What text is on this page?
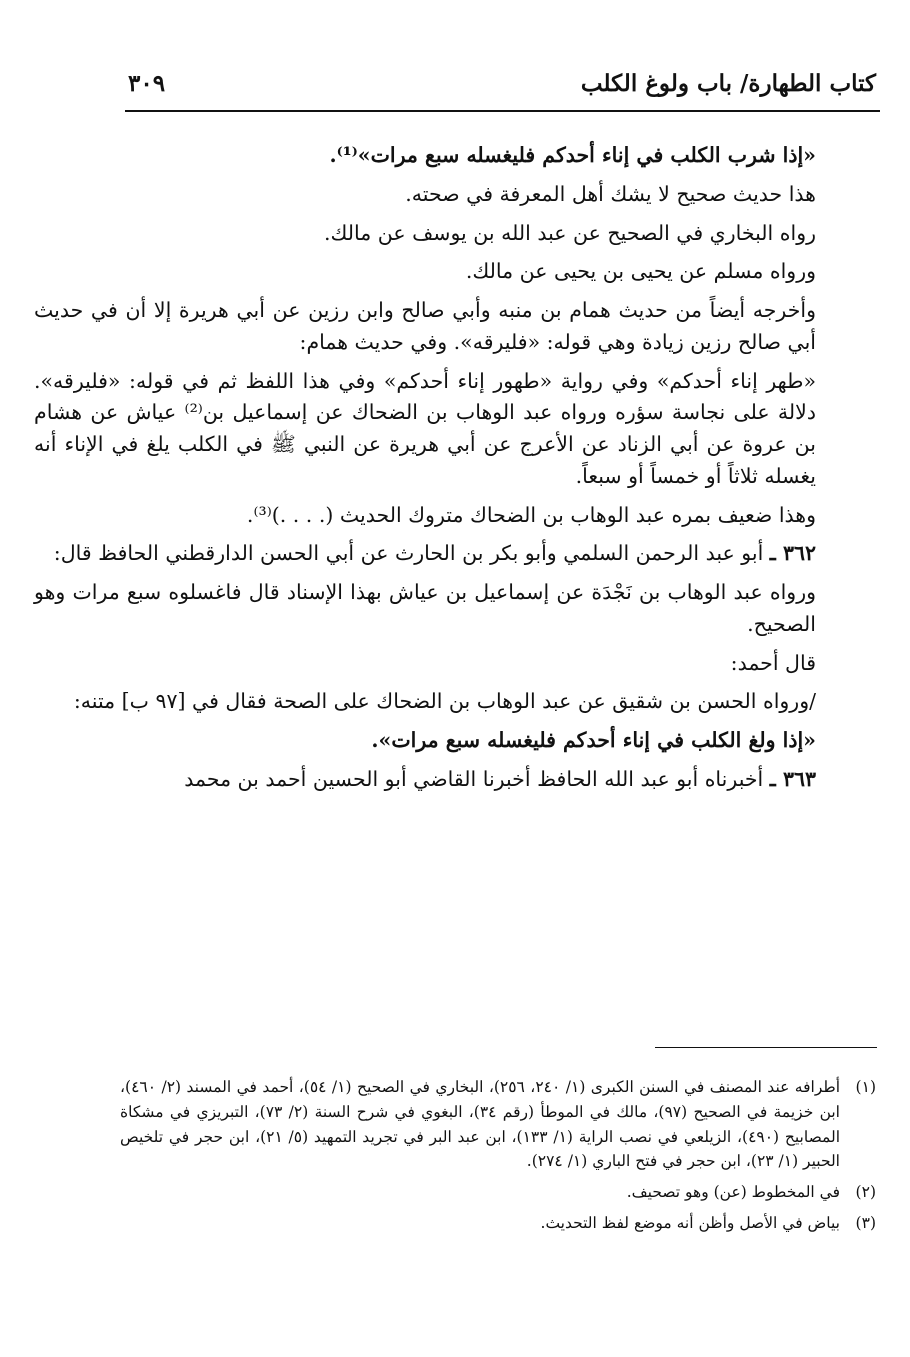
كتاب الطهارة/ باب ولوغ الكلب
٣٠٩

«إذا شرب الكلب في إناء أحدكم فليغسله سبع مرات»⁽¹⁾.

هذا حديث صحيح لا يشك أهل المعرفة في صحته.

رواه البخاري في الصحيح عن عبد الله بن يوسف عن مالك.

ورواه مسلم عن يحيى بن يحيى عن مالك.

وأخرجه أيضاً من حديث همام بن منبه وأبي صالح وابن رزين عن أبي هريرة إلا أن في حديث أبي صالح رزين زيادة وهي قوله: «فليرقه». وفي حديث همام:

«طهر إناء أحدكم» وفي رواية «طهور إناء أحدكم» وفي هذا اللفظ ثم في قوله: «فليرقه». دلالة على نجاسة سؤره ورواه عبد الوهاب بن الضحاك عن إسماعيل بن⁽²⁾ عياش عن هشام بن عروة عن أبي الزناد عن الأعرج عن أبي هريرة عن النبي ﷺ في الكلب يلغ في الإناء أنه يغسله ثلاثاً أو خمساً أو سبعاً.

وهذا ضعيف بمره عبد الوهاب بن الضحاك متروك الحديث (. . . .)⁽³⁾.

٣٦٢ ـ أبو عبد الرحمن السلمي وأبو بكر بن الحارث عن أبي الحسن الدارقطني الحافظ قال:

ورواه عبد الوهاب بن نَجْدَة عن إسماعيل بن عياش بهذا الإسناد قال فاغسلوه سبع مرات وهو الصحيح.

قال أحمد:

/ورواه الحسن بن شقيق عن عبد الوهاب بن الضحاك على الصحة فقال في [٩٧ ب] متنه:

«إذا ولغ الكلب في إناء أحدكم فليغسله سبع مرات».

٣٦٣ ـ أخبرناه أبو عبد الله الحافظ أخبرنا القاضي أبو الحسين أحمد بن محمد

(١)
أطرافه عند المصنف في السنن الكبرى (١/ ٢٤٠، ٢٥٦)، البخاري في الصحيح (١/ ٥٤)، أحمد في المسند (٢/ ٤٦٠)، ابن خزيمة في الصحيح (٩٧)، مالك في الموطأ (رقم ٣٤)، البغوي في شرح السنة (٢/ ٧٣)، التبريزي في مشكاة المصابيح (٤٩٠)، الزيلعي في نصب الراية (١/ ١٣٣)، ابن عبد البر في تجريد التمهيد (٥/ ٢١)، ابن حجر في تلخيص الحبير (١/ ٢٣)، ابن حجر في فتح الباري (١/ ٢٧٤).
(٢)
في المخطوط (عن) وهو تصحيف.
(٣)
بياض في الأصل وأظن أنه موضع لفظ التحديث.
